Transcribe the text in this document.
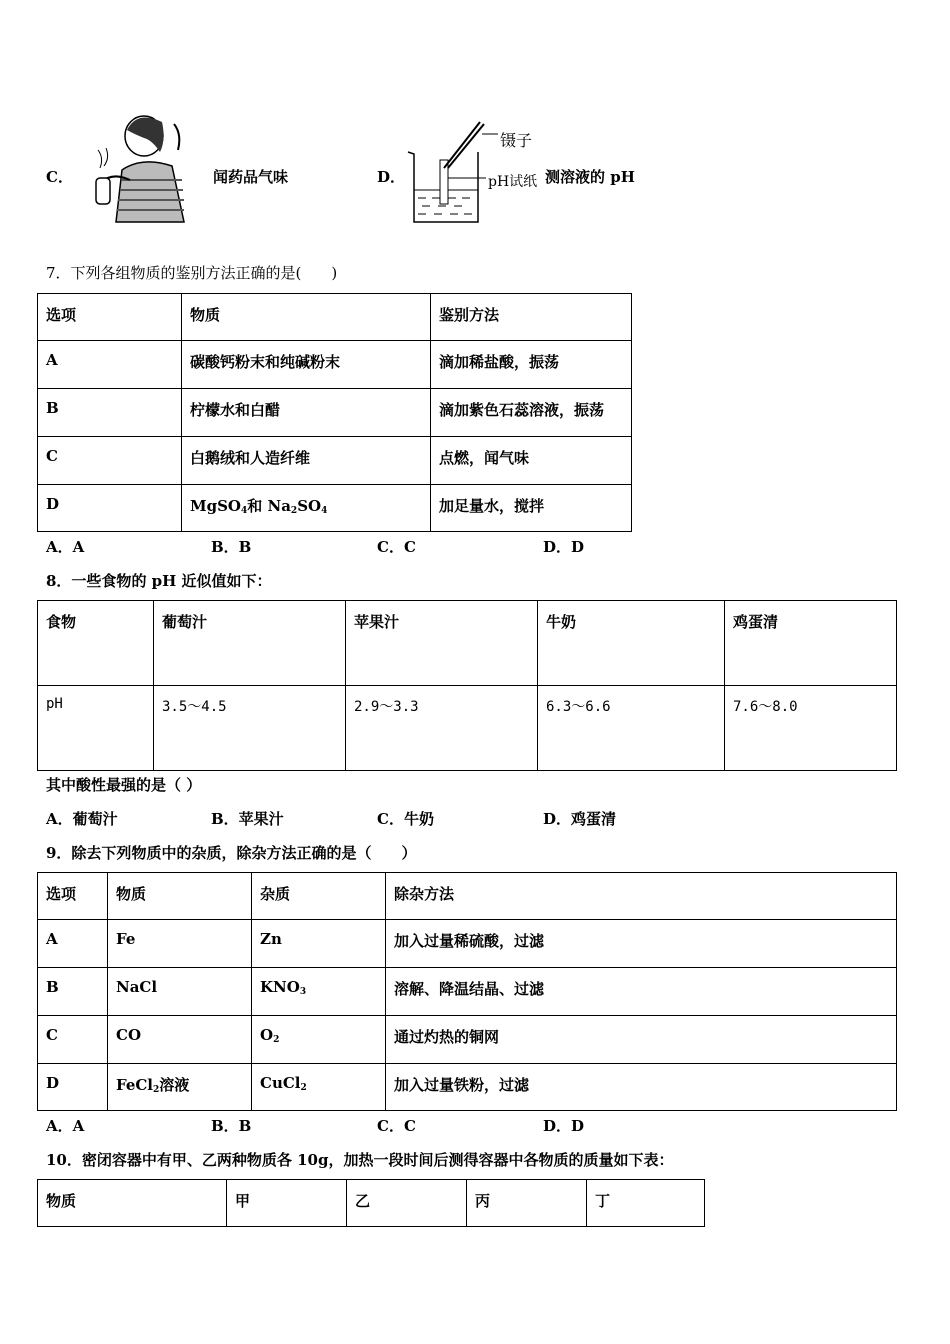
C．	闻药品气味	D．
镊子
pH试纸 测溶液的 pH
7．下列各组物质的鉴别方法正确的是(　　)
选项	物质	鉴别方法
A	碳酸钙粉末和纯碱粉末	滴加稀盐酸，振荡
B	柠檬水和白醋	滴加紫色石蕊溶液，振荡
C	白鹅绒和人造纤维	点燃，闻气味
D	MgSO$_4$和 $Na_2SO_4$	加足量水，搅拌
A．A	B．B	C．C	D．D
8．一些食物的 pH 近似值如下：
食物	葡萄汁	苹果汁	牛奶	鸡蛋清
pH	3.5～4.5	2.9～3.3	6.3～6.6	7.6～8.0
其中酸性最强的是（ ）
A．葡萄汁	B．苹果汁	C．牛奶	D．鸡蛋清
9．除去下列物质中的杂质，除杂方法正确的是（　　）
选项	物质	杂质	除杂方法
A	Fe	Zn	加入过量稀硫酸，过滤
B	NaCl	$KNO_3$	溶解、降温结晶、过滤
C	CO	$O_2$	通过灼热的铜网
D	FeCl$_2$溶液	CuCl$_2$	加入过量铁粉，过滤
A．A	B．B	C．C	D．D
10．密闭容器中有甲、乙两种物质各 10g，加热一段时间后测得容器中各物质的质量如下表：
物质	甲	乙	丙	丁
